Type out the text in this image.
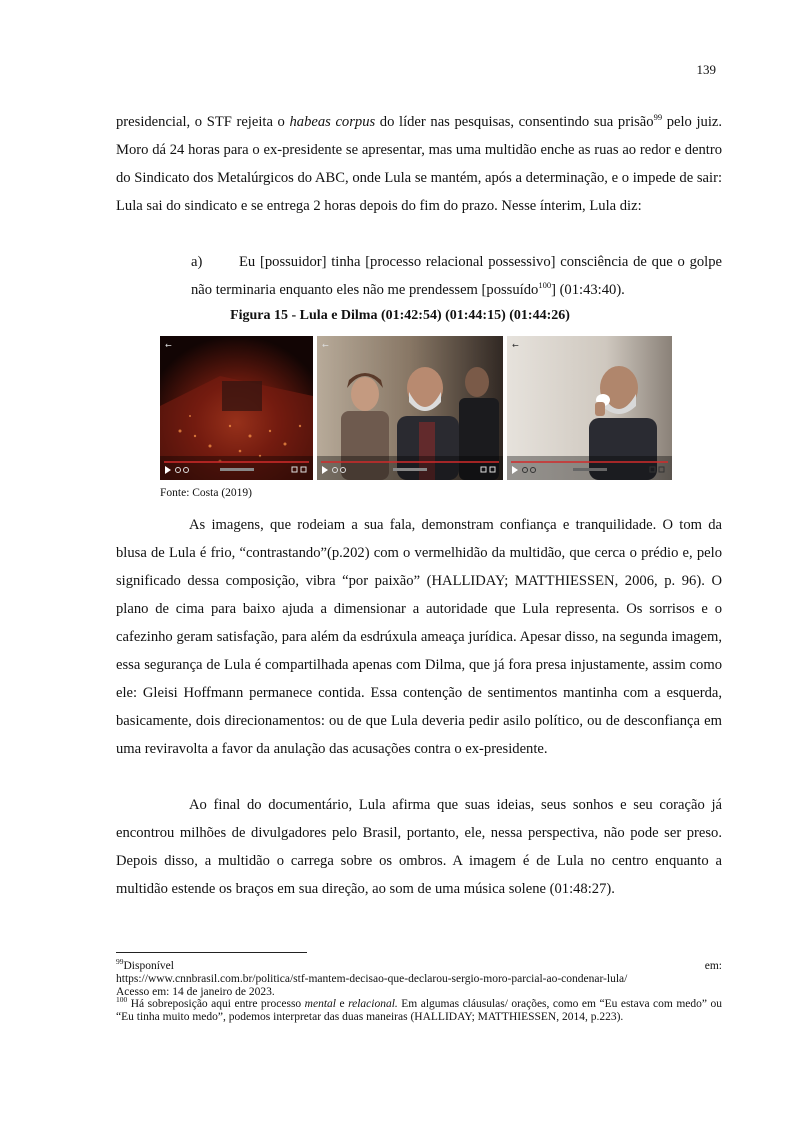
139

presidencial, o STF rejeita o habeas corpus do líder nas pesquisas, consentindo sua prisão$^{99}$ pelo juiz. Moro dá 24 horas para o ex-presidente se apresentar, mas uma multidão enche as ruas ao redor e dentro do Sindicato dos Metalúrgicos do ABC, onde Lula se mantém, após a determinação, e o impede de sair: Lula sai do sindicato e se entrega 2 horas depois do fim do prazo. Nesse ínterim, Lula diz:

a)	Eu [possuidor] tinha [processo relacional possessivo] consciência de que o golpe não terminaria enquanto eles não me prendessem [possuído$^{100}$] (01:43:40).

Figura 15 - Lula e Dilma (01:42:54) (01:44:15) (01:44:26)
←	←	←
Fonte: Costa (2019)

As imagens, que rodeiam a sua fala, demonstram confiança e tranquilidade. O tom da blusa de Lula é frio, “contrastando”(p.202) com o vermelhidão da multidão, que cerca o prédio e, pelo significado dessa composição, vibra “por paixão” (HALLIDAY; MATTHIESSEN, 2006, p. 96). O plano de cima para baixo ajuda a dimensionar a autoridade que Lula representa. Os sorrisos e o cafezinho geram satisfação, para além da esdrúxula ameaça jurídica. Apesar disso, na segunda imagem, essa segurança de Lula é compartilhada apenas com Dilma, que já fora presa injustamente, assim como ele: Gleisi Hoffmann permanece contida. Essa contenção de sentimentos mantinha com a esquerda, basicamente, dois direcionamentos: ou de que Lula deveria pedir asilo político, ou de desconfiança em uma reviravolta a favor da anulação das acusações contra o ex-presidente.

Ao final do documentário, Lula afirma que suas ideias, seus sonhos e seu coração já encontrou milhões de divulgadores pelo Brasil, portanto, ele, nessa perspectiva, não pode ser preso. Depois disso, a multidão o carrega sobre os ombros. A imagem é de Lula no centro enquanto a multidão estende os braços em sua direção, ao som de uma música solene (01:48:27).

$^{99}$Disponível	em:

https://www.cnnbrasil.com.br/politica/stf-mantem-decisao-que-declarou-sergio-moro-parcial-ao-condenar-lula/

Acesso em: 14 de janeiro de 2023.

$^{100}$ Há sobreposição aqui entre processo mental e relacional. Em algumas cláusulas/ orações, como em “Eu estava com medo” ou “Eu tinha muito medo”, podemos interpretar das duas maneiras (HALLIDAY; MATTHIESSEN, 2014, p.223).
